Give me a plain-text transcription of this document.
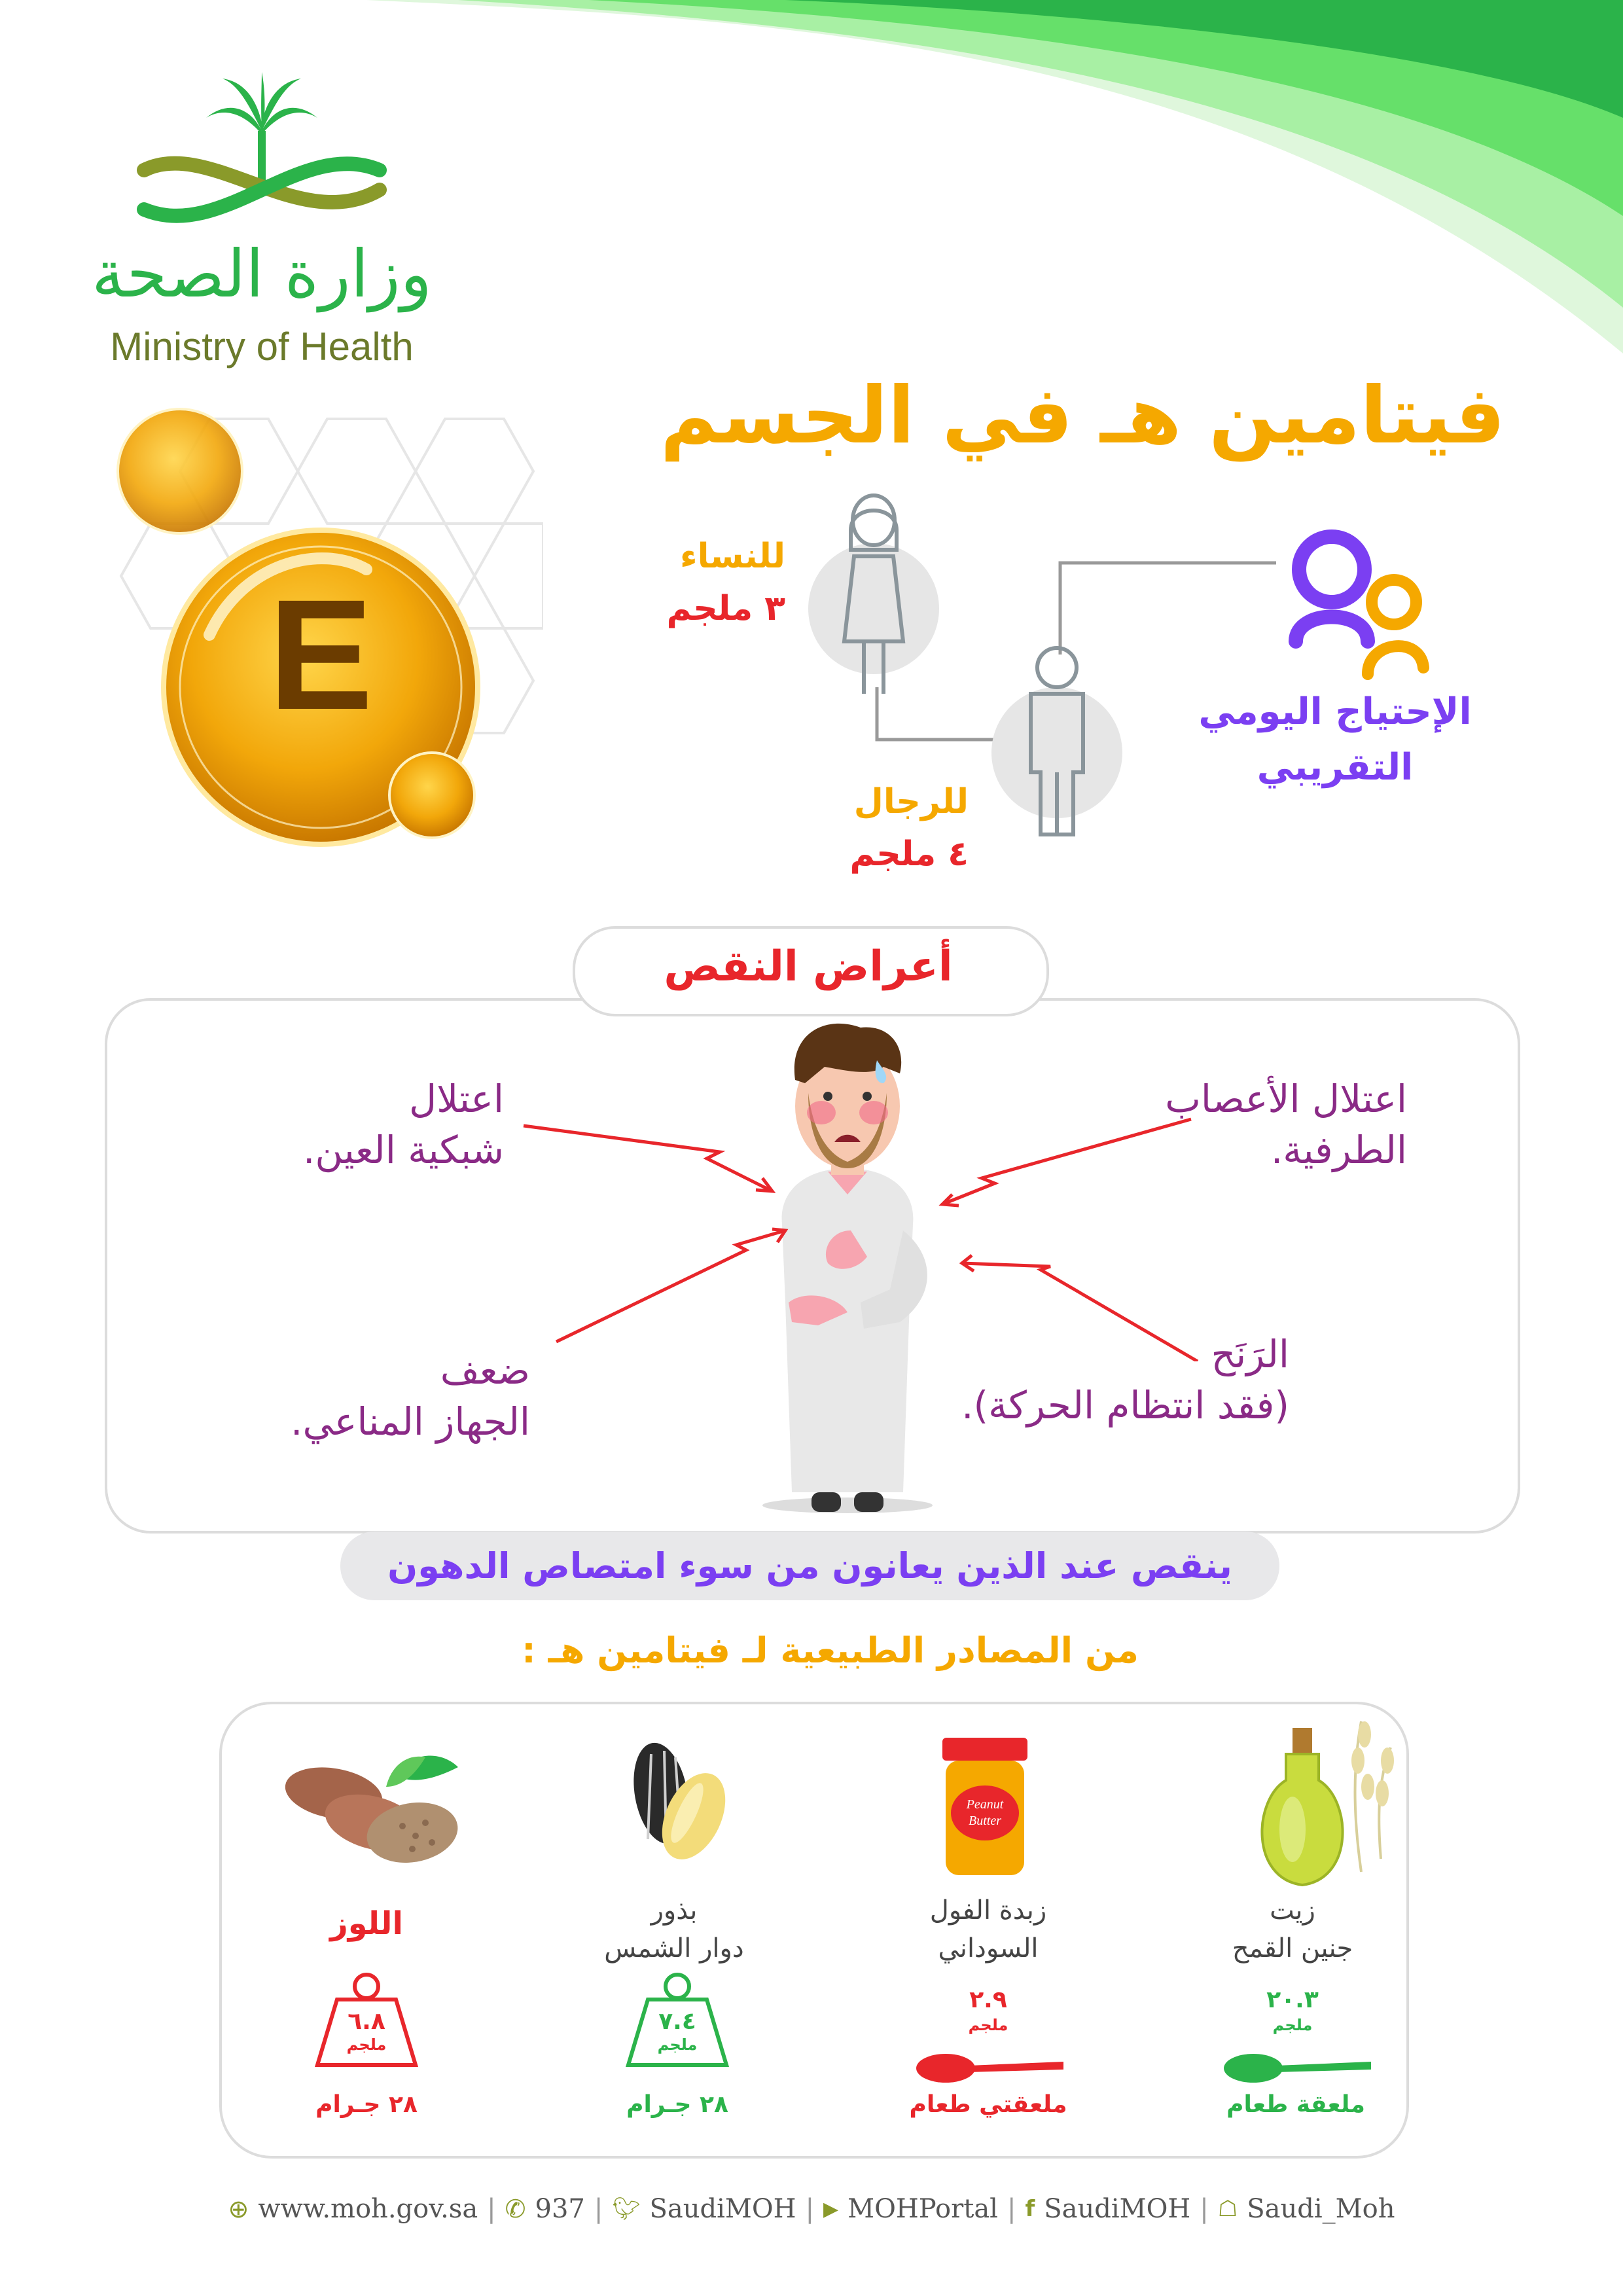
وزارة الصحة
Ministry of Health
E
فيتامين هـ في الجسم
للنساء
٣ ملجم
للرجال
٤ ملجم
الإحتياج اليومي
التقريبي
أعراض النقص
اعتلال
شبكية العين.
اعتلال الأعصاب
الطرفية.
ضعف
الجهاز المناعي.
الرَنَح
(فقد انتظام الحركة).
ينقص عند الذين يعانون من سوء امتصاص الدهون
من المصادر الطبيعية لـ فيتامين هـ :
زيت
جنين القمح
٢٠.٣
ملجم
ملعقة طعام
Peanut
Butter
زبدة الفول
السوداني
٢.٩
ملجم
ملعقتي طعام
بذور
دوار الشمس
٧.٤
ملجم
٢٨ جـرام
اللوز
٦.٨
ملجم
٢٨ جـرام
⊕ www.moh.gov.sa | ✆ 937 | 🐦︎ SaudiMOH | ▶ MOHPortal | f SaudiMOH | ☖ Saudi_Moh
